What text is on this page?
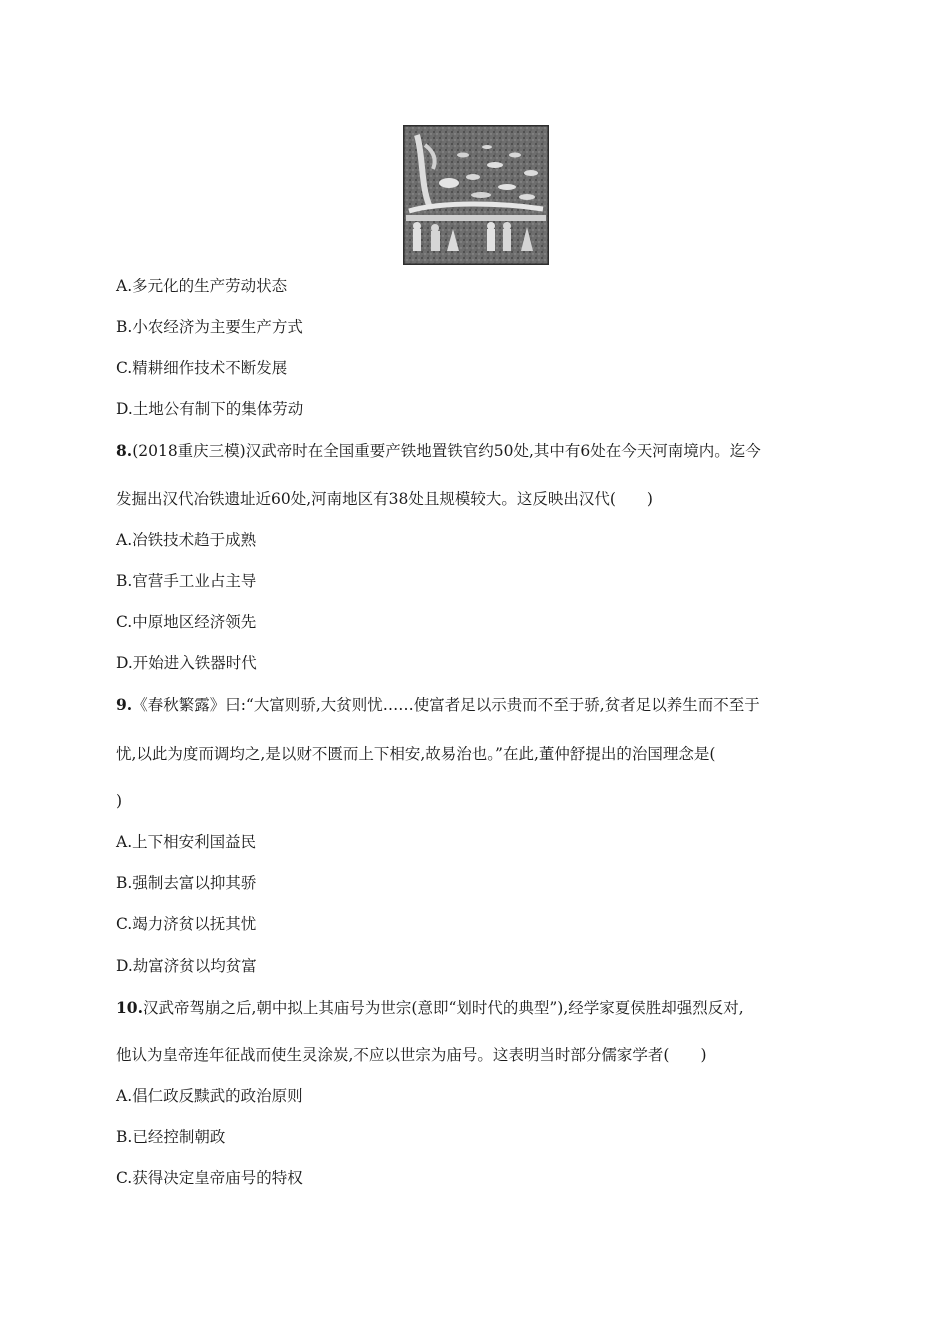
A.多元化的生产劳动状态
B.小农经济为主要生产方式
C.精耕细作技术不断发展
D.土地公有制下的集体劳动
8.(2018重庆三模)汉武帝时在全国重要产铁地置铁官约50处,其中有6处在今天河南境内。迄今
发掘出汉代冶铁遗址近60处,河南地区有38处且规模较大。这反映出汉代(　　)
A.冶铁技术趋于成熟
B.官营手工业占主导
C.中原地区经济领先
D.开始进入铁器时代
9.《春秋繁露》曰:“大富则骄,大贫则忧……使富者足以示贵而不至于骄,贫者足以养生而不至于
忧,以此为度而调均之,是以财不匮而上下相安,故易治也。”在此,董仲舒提出的治国理念是(
)
A.上下相安利国益民
B.强制去富以抑其骄
C.竭力济贫以抚其忧
D.劫富济贫以均贫富
10.汉武帝驾崩之后,朝中拟上其庙号为世宗(意即“划时代的典型”),经学家夏侯胜却强烈反对,
他认为皇帝连年征战而使生灵涂炭,不应以世宗为庙号。这表明当时部分儒家学者(　　)
A.倡仁政反黩武的政治原则
B.已经控制朝政
C.获得决定皇帝庙号的特权
